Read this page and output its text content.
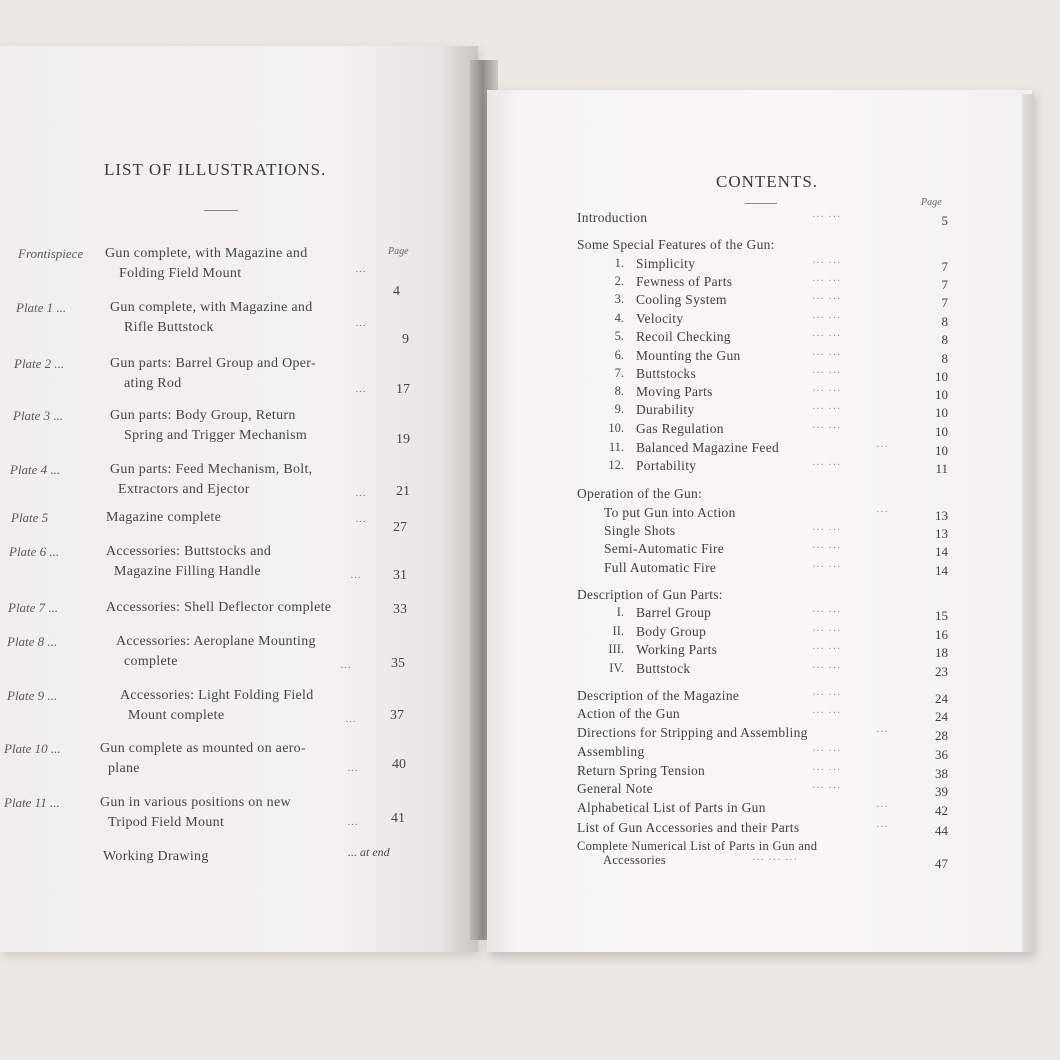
LIST OF ILLUSTRATIONS.
Page
Frontispiece Gun complete, with Magazine and
Folding Field Mount	···
4
Plate 1 ...	Gun complete, with Magazine and
Rifle Buttstock	···
9
Plate 2 ...	Gun parts: Barrel Group and Oper-
ating Rod
··· 17
Plate 3 ...	Gun parts: Body Group, Return
Spring and Trigger Mechanism	19
Plate 4 ...	Gun parts: Feed Mechanism, Bolt,
Extractors and Ejector	··· 21
Plate 5	Magazine complete	··· 27
Plate 6 ...	Accessories: Buttstocks and
Magazine Filling Handle	··· 31
Plate 7 ...	Accessories: Shell Deflector complete	33
Plate 8 ...	Accessories: Aeroplane Mounting
complete	···	35
Plate 9 ...	Accessories: Light Folding Field
Mount complete	··· 37
Plate 10 ...	Gun complete as mounted on aero-
plane	··· 40
Plate 11 ...	Gun in various positions on new
Tripod Field Mount	··· 41
Working Drawing	... at end
CONTENTS.
Page
Introduction	··· ···	5
Some Special Features of the Gun:
1. Simplicity	··· ···	7
2. Fewness of Parts	··· ···	7
3. Cooling System	··· ···	7
4. Velocity	··· ···	8
5. Recoil Checking	··· ···	8
6. Mounting the Gun	··· ···	8
7. Buttstocks	··· ···	10
8. Moving Parts	··· ···	10
9. Durability	··· ···	10
10. Gas Regulation	··· ···	10
11. Balanced Magazine Feed	···	10
12. Portability	··· ···	11
Operation of the Gun:
To put Gun into Action	···	13
Single Shots	··· ···	13
Semi-Automatic Fire	··· ···	14
Full Automatic Fire	··· ···	14
Description of Gun Parts:
I. Barrel Group	··· ···	15
II. Body Group	··· ···	16
III. Working Parts	··· ···	18
IV. Buttstock	··· ···	23
Description of the Magazine	··· ···	24
Action of the Gun	··· ···	24
Directions for Stripping and Assembling	···	28
Assembling	··· ···	36
Return Spring Tension	··· ···	38
General Note	··· ···	39
Alphabetical List of Parts in Gun	···	42
List of Gun Accessories and their Parts	···	44
Complete Numerical List of Parts in Gun and
Accessories	··· ··· ···	47
